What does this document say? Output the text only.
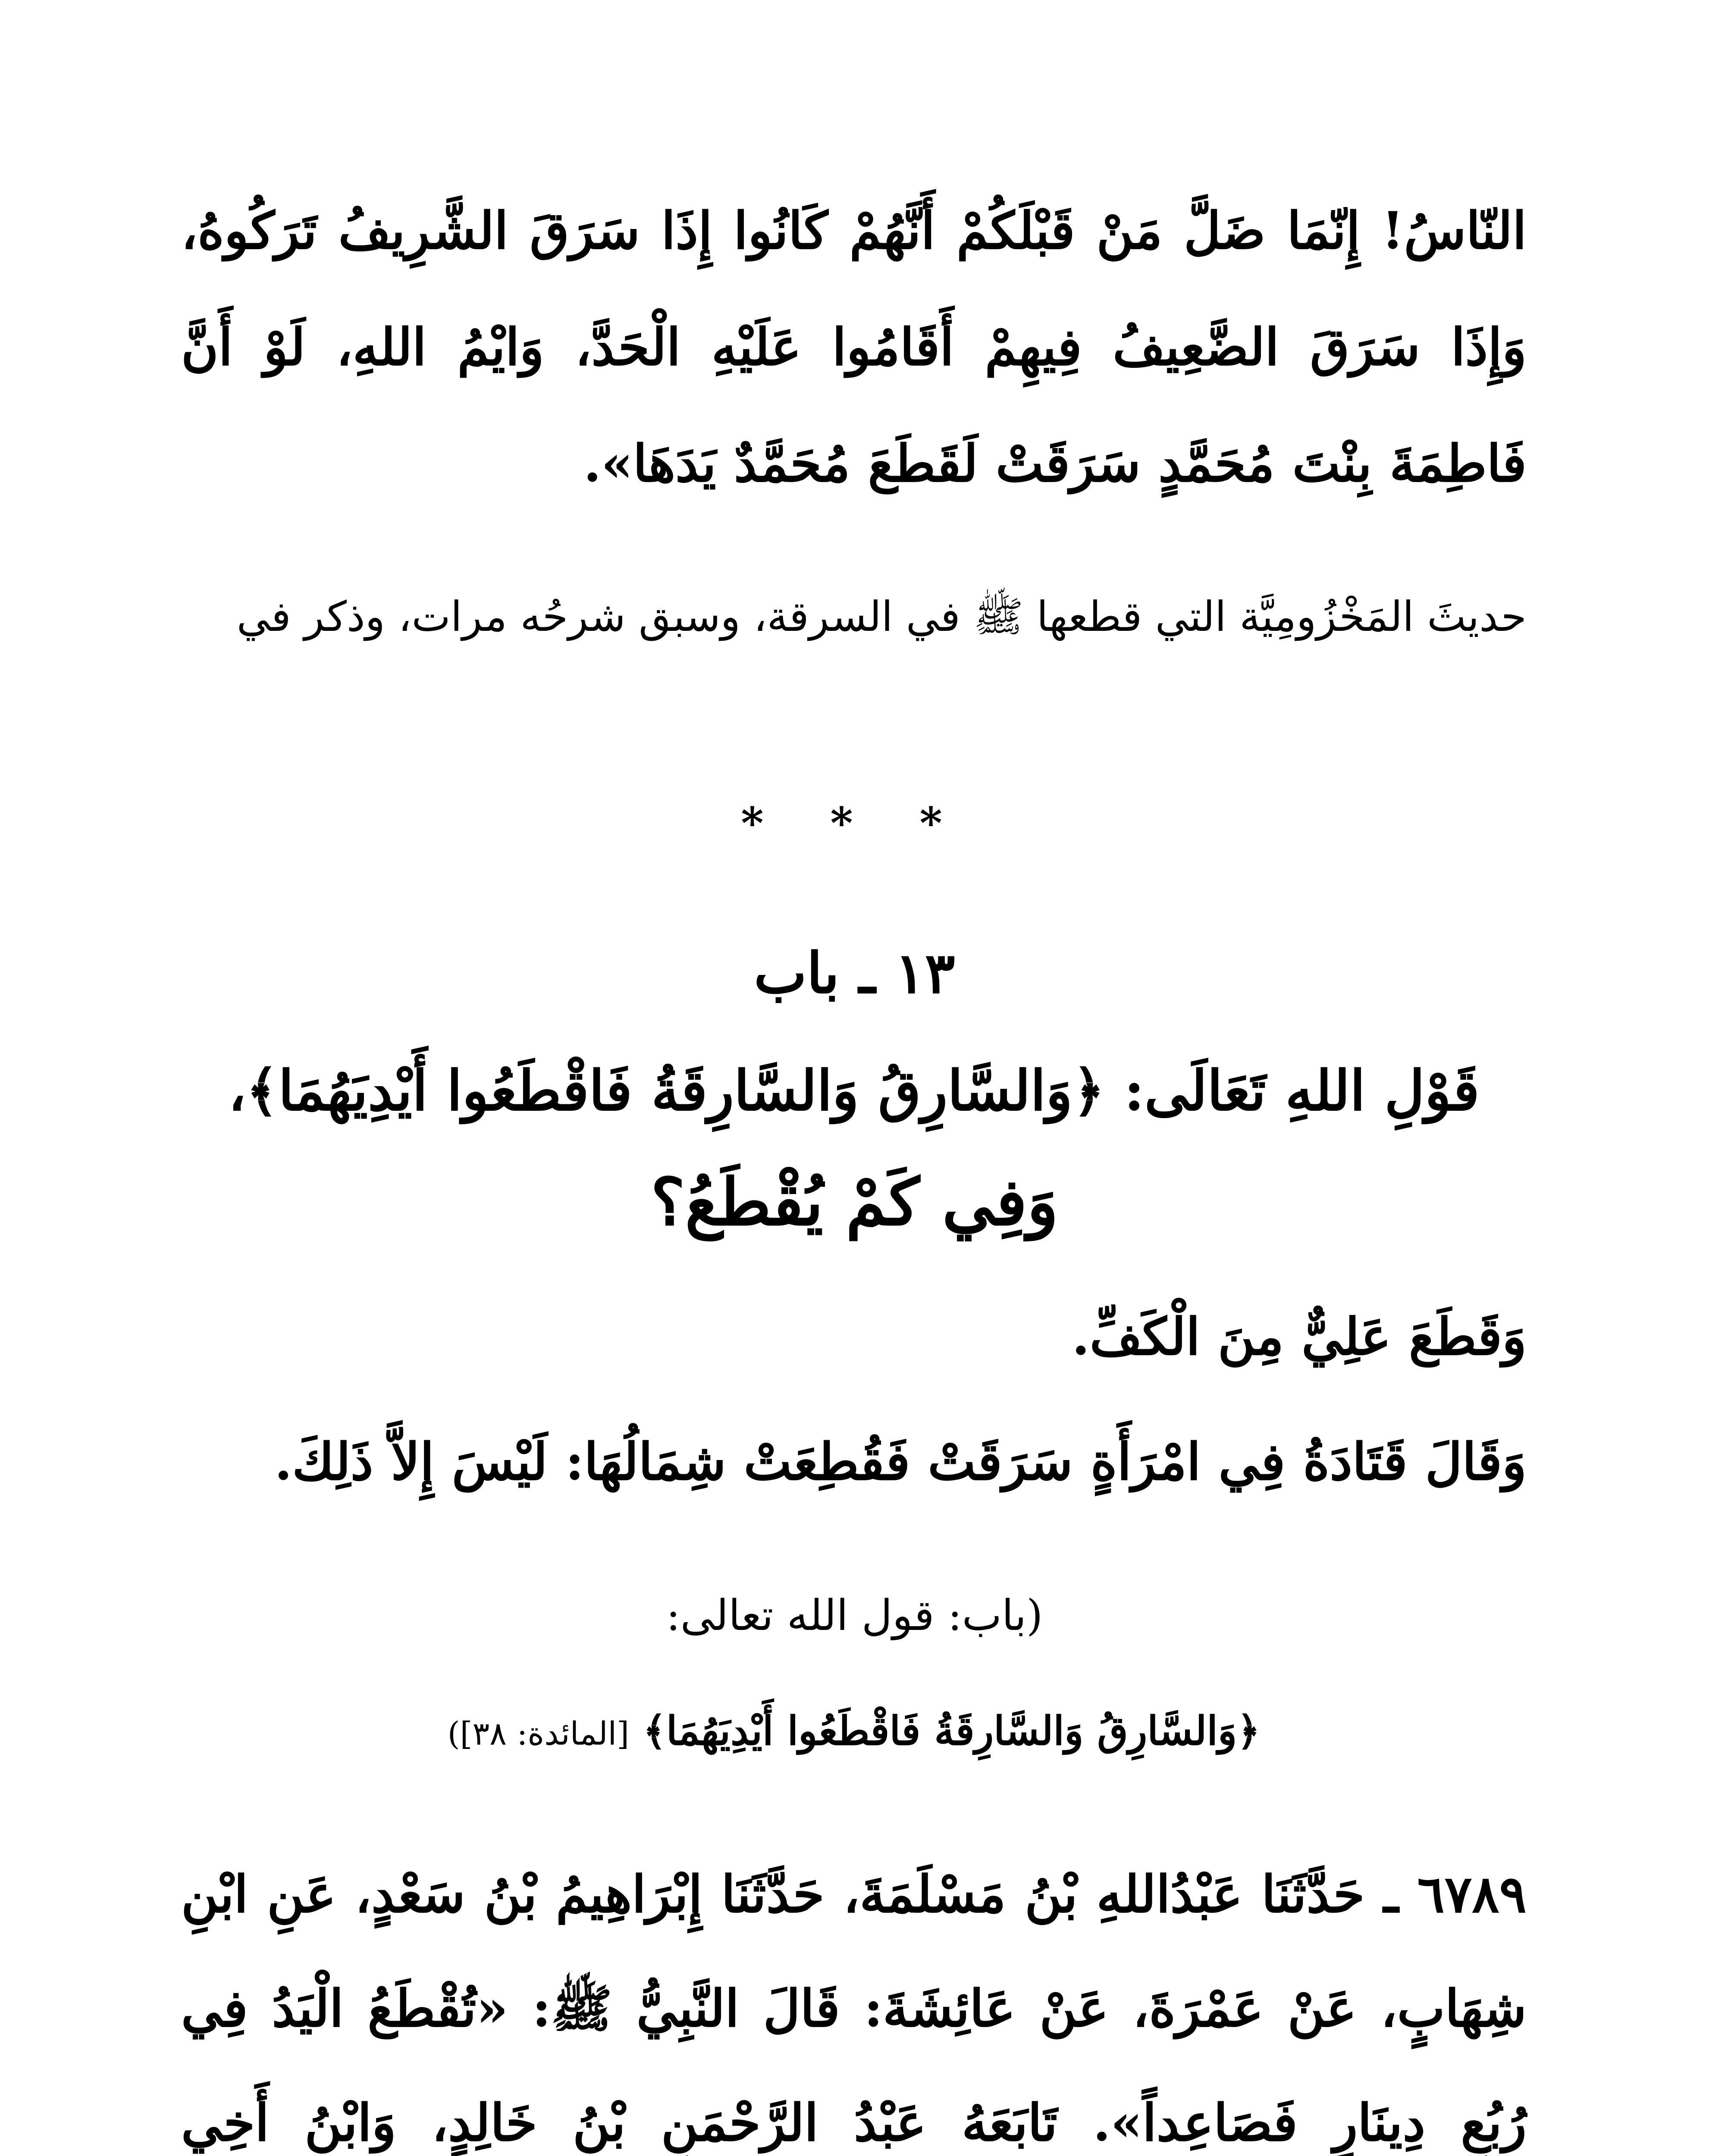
النّاسُ! إِنّمَا ضَلَّ مَنْ قَبْلَكُمْ أَنَّهُمْ كَانُوا إِذَا سَرَقَ الشَّرِيفُ تَرَكُوهُ، وَإِذَا سَرَقَ الضَّعِيفُ فِيهِمْ أَقَامُوا عَلَيْهِ الْحَدَّ، وَايْمُ اللهِ، لَوْ أَنَّ فَاطِمَةَ بِنْتَ مُحَمَّدٍ سَرَقَتْ لَقَطَعَ مُحَمَّدٌ يَدَهَا».

حديثَ المَخْزُومِيَّة التي قطعها ﷺ في السرقة، وسبق شرحُه مرات، وذكر في

* * *
١٣ ـ باب
قَوْلِ اللهِ تَعَالَى: ﴿وَالسَّارِقُ وَالسَّارِقَةُ فَاقْطَعُوا أَيْدِيَهُمَا﴾،
وَفِي كَمْ يُقْطَعُ؟
وَقَطَعَ عَلِيٌّ مِنَ الْكَفِّ.
وَقَالَ قَتَادَةُ فِي امْرَأَةٍ سَرَقَتْ فَقُطِعَتْ شِمَالُهَا: لَيْسَ إِلاَّ ذَلِكَ.
(باب: قول الله تعالى:
﴿وَالسَّارِقُ وَالسَّارِقَةُ فَاقْطَعُوا أَيْدِيَهُمَا﴾ [المائدة: ٣٨])

٦٧٨٩ ـ حَدَّثَنَا عَبْدُاللهِ بْنُ مَسْلَمَةَ، حَدَّثَنَا إِبْرَاهِيمُ بْنُ سَعْدٍ، عَنِ ابْنِ شِهَابٍ، عَنْ عَمْرَةَ، عَنْ عَائِشَةَ: قَالَ النَّبِيُّ ﷺ: «تُقْطَعُ الْيَدُ فِي رُبُعِ دِينَارٍ فَصَاعِداً». تَابَعَهُ عَبْدُ الرَّحْمَنِ بْنُ خَالِدٍ، وَابْنُ أَخِي
